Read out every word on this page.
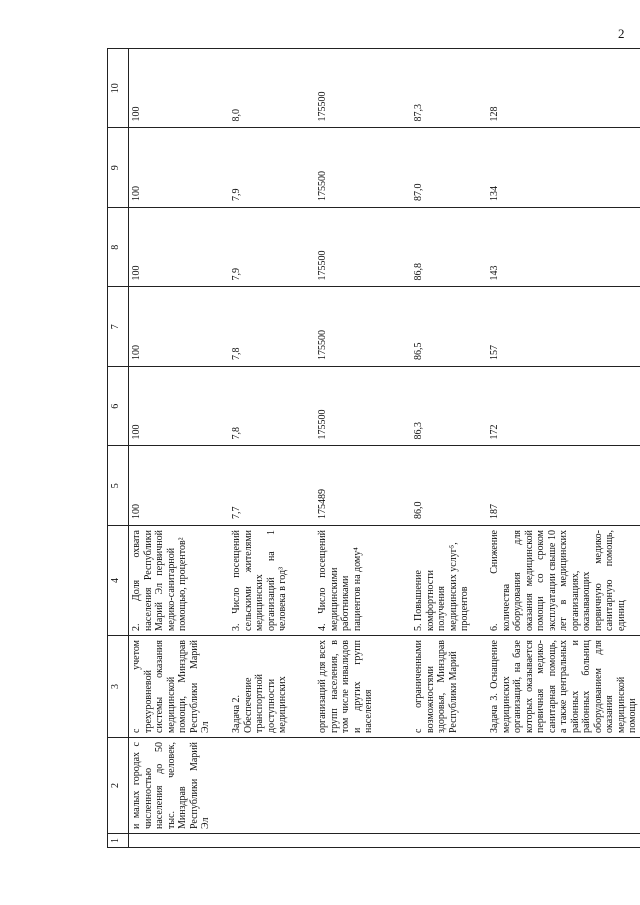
2
1	2	3	4	5	6	7	8	9	10
	и малых городах с численностью населения до 50 тыс. человек, Минздрав Республики Марий Эл	с учетом трехуровневой системы оказания медицинской помощи, Минздрав Республики Марий Эл	2. Доля охвата населения Республики Марий Эл первичной медико-санитарной помощью, процентов²	100	100	100	100	100	100
		Задача 2. Обеспечение транспортной доступности медицинских	3. Число посещений сельскими жителями медицинских организаций на 1 человека в год³	7,7	7,8	7,8	7,9	7,9	8,0
		организаций для всех групп населения, в том числе инвалидов и других групп населения	4. Число посещений медицинскими работниками пациентов на дому⁴	175489	175500	175500	175500	175500	175500
		с ограниченными возможностями здоровья, Минздрав Республики Марий	5. Повышение комфортности получения медицинских услуг⁵, процентов	86,0	86,3	86,5	86,8	87,0	87,3
		Задача 3. Оснащение медицинских организаций, на базе которых оказывается первичная медико-санитарная помощь, а также центральных районных и районных больниц оборудованием для оказания медицинской помощи	6. Снижение количества оборудования для оказания медицинской помощи со сроком эксплуатации свыше 10 лет в медицинских организациях, оказывающих первичную медико-санитарную помощь, единиц	187	172	157	143	134	128
